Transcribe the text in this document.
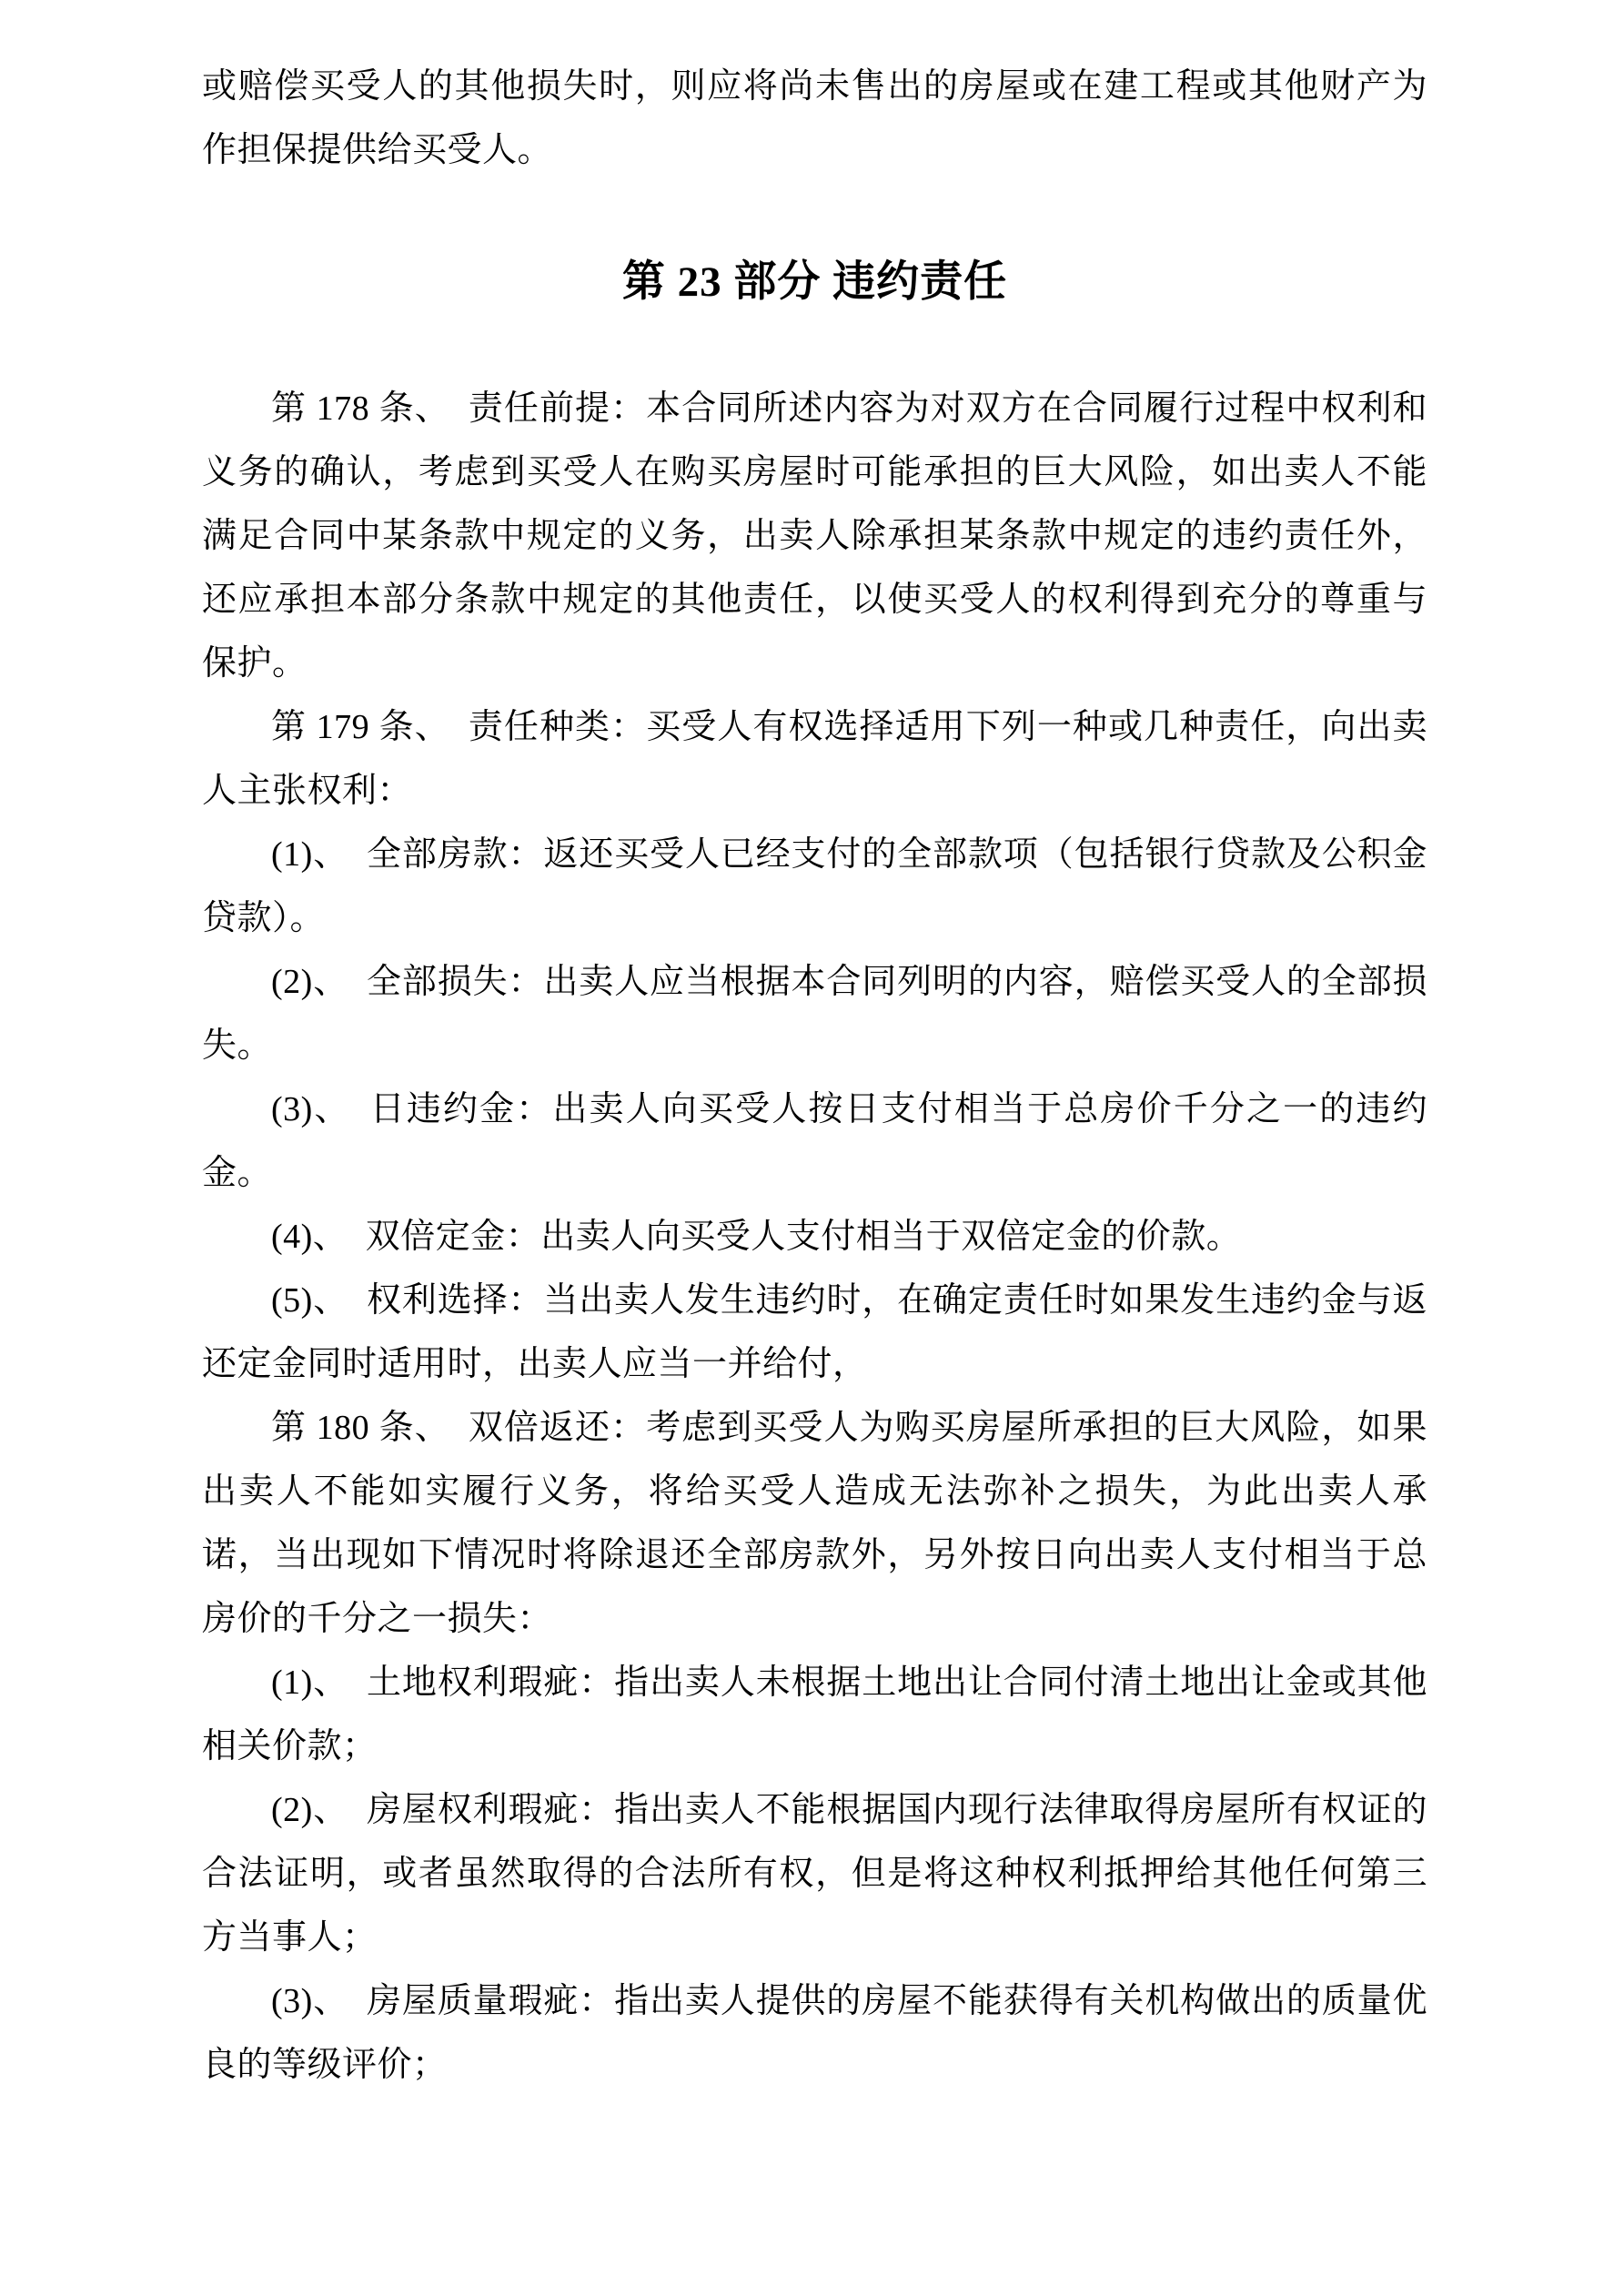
或赔偿买受人的其他损失时，则应将尚未售出的房屋或在建工程或其他财产为作担保提供给买受人。

第 23 部分 违约责任

第 178 条、　责任前提：本合同所述内容为对双方在合同履行过程中权利和义务的确认，考虑到买受人在购买房屋时可能承担的巨大风险，如出卖人不能满足合同中某条款中规定的义务，出卖人除承担某条款中规定的违约责任外，还应承担本部分条款中规定的其他责任，以使买受人的权利得到充分的尊重与保护。

第 179 条、　责任种类：买受人有权选择适用下列一种或几种责任，向出卖人主张权利：

(1)、　全部房款：返还买受人已经支付的全部款项（包括银行贷款及公积金贷款）。

(2)、　全部损失：出卖人应当根据本合同列明的内容，赔偿买受人的全部损失。

(3)、　日违约金：出卖人向买受人按日支付相当于总房价千分之一的违约金。

(4)、　双倍定金：出卖人向买受人支付相当于双倍定金的价款。

(5)、　权利选择：当出卖人发生违约时，在确定责任时如果发生违约金与返还定金同时适用时，出卖人应当一并给付，

第 180 条、　双倍返还：考虑到买受人为购买房屋所承担的巨大风险，如果出卖人不能如实履行义务，将给买受人造成无法弥补之损失，为此出卖人承诺，当出现如下情况时将除退还全部房款外，另外按日向出卖人支付相当于总房价的千分之一损失：

(1)、　土地权利瑕疵：指出卖人未根据土地出让合同付清土地出让金或其他相关价款；

(2)、　房屋权利瑕疵：指出卖人不能根据国内现行法律取得房屋所有权证的合法证明，或者虽然取得的合法所有权，但是将这种权利抵押给其他任何第三方当事人；

(3)、　房屋质量瑕疵：指出卖人提供的房屋不能获得有关机构做出的质量优良的等级评价；
